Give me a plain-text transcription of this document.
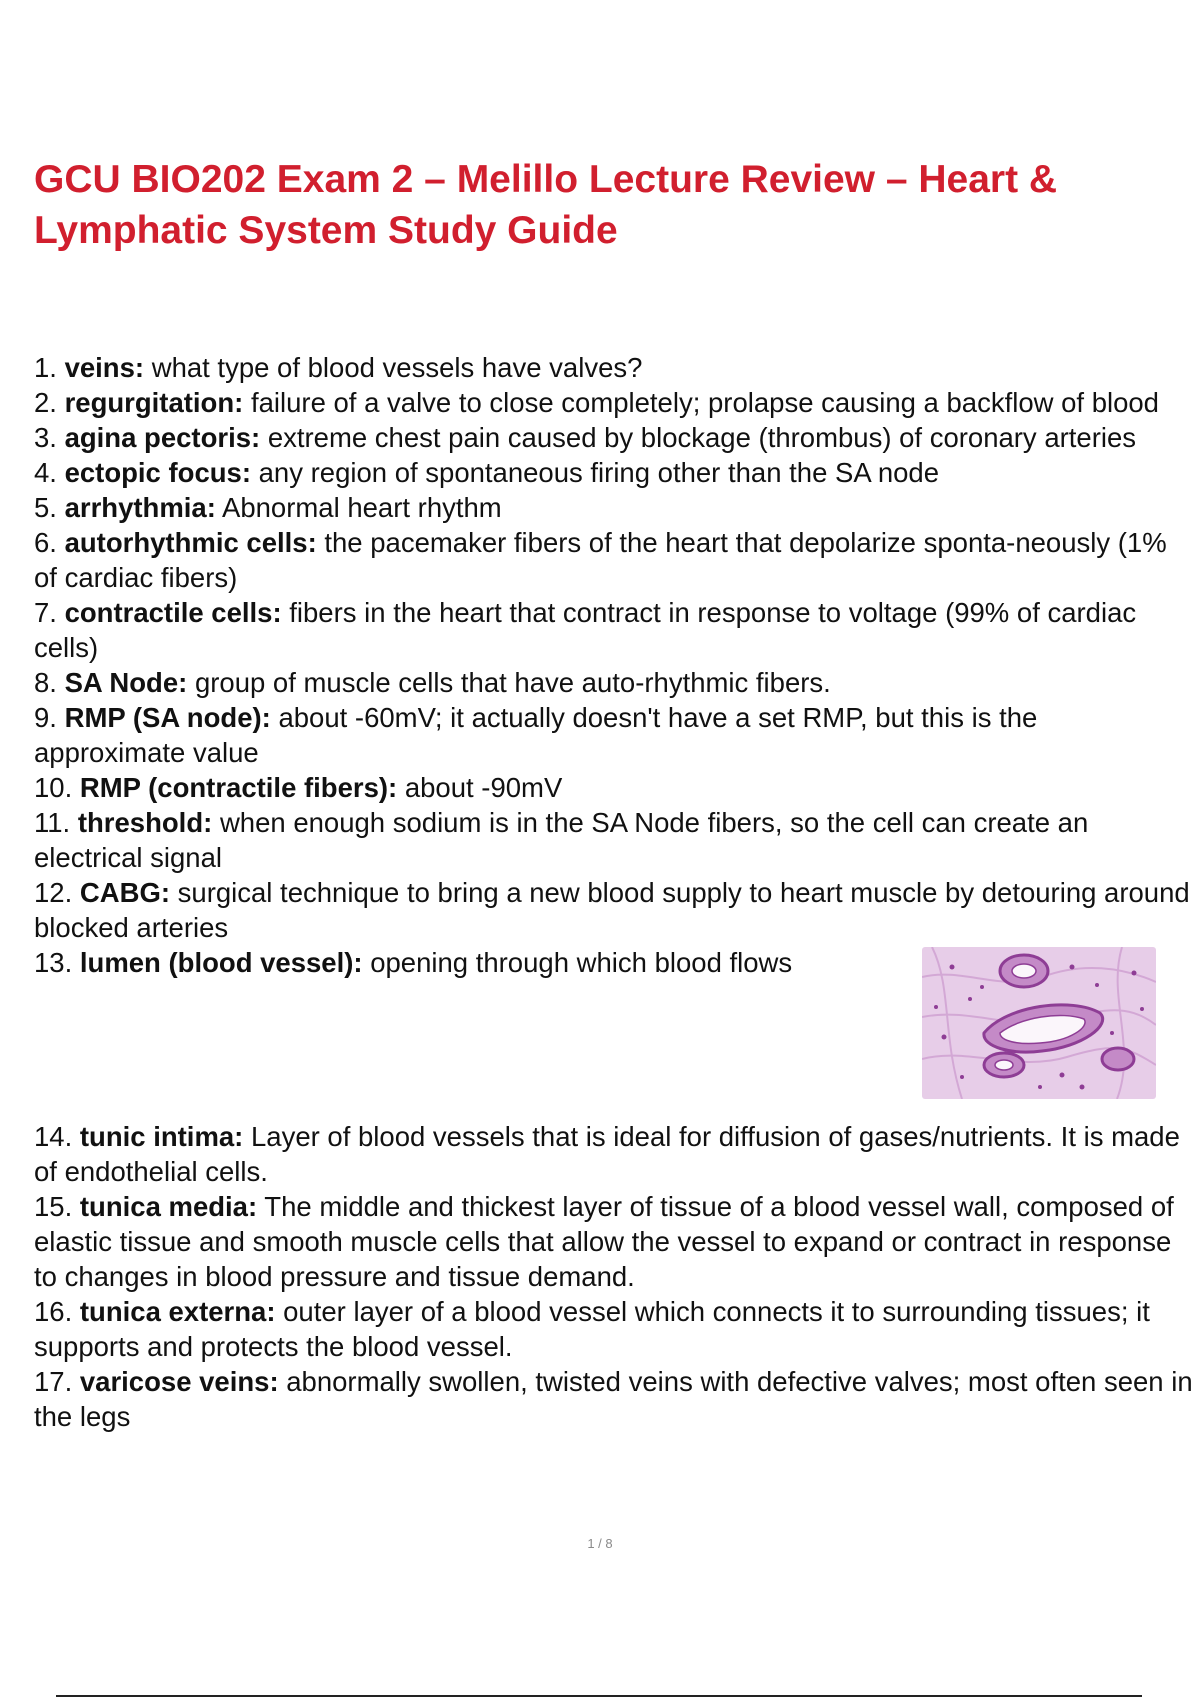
GCU BIO202 Exam 2 – Melillo Lecture Review – Heart & Lymphatic System Study Guide
1. veins: what type of blood vessels have valves?
2. regurgitation: failure of a valve to close completely; prolapse causing a backflow of blood
3. agina pectoris: extreme chest pain caused by blockage (thrombus) of coronary arteries
4. ectopic focus: any region of spontaneous firing other than the SA node
5. arrhythmia: Abnormal heart rhythm
6. autorhythmic cells: the pacemaker fibers of the heart that depolarize sponta-neously (1% of cardiac fibers)
7. contractile cells: fibers in the heart that contract in response to voltage (99% of cardiac cells)
8. SA Node: group of muscle cells that have auto-rhythmic fibers.
9. RMP (SA node): about -60mV; it actually doesn't have a set RMP, but this is the approximate value
10. RMP (contractile fibers): about -90mV
11. threshold: when enough sodium is in the SA Node fibers, so the cell can create an electrical signal
12. CABG: surgical technique to bring a new blood supply to heart muscle by detouring around blocked arteries
13. lumen (blood vessel): opening through which blood flows
14. tunic intima: Layer of blood vessels that is ideal for diffusion of gases/nutrients. It is made of endothelial cells.
15. tunica media: The middle and thickest layer of tissue of a blood vessel wall, composed of elastic tissue and smooth muscle cells that allow the vessel to expand or contract in response to changes in blood pressure and tissue demand.
16. tunica externa: outer layer of a blood vessel which connects it to surrounding tissues; it supports and protects the blood vessel.
17. varicose veins: abnormally swollen, twisted veins with defective valves; most often seen in the legs
1 / 8
